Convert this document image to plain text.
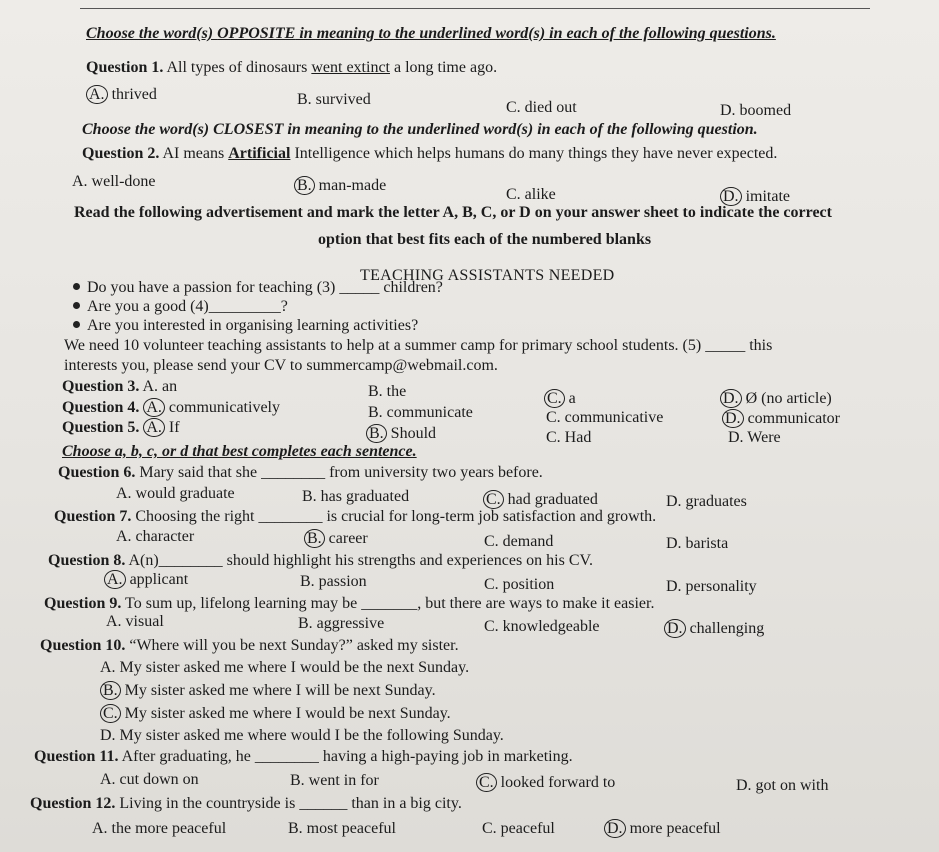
Choose the word(s) OPPOSITE in meaning to the underlined word(s) in each of the following questions.
Question 1. All types of dinosaurs went extinct a long time ago.
A. thrived	B. survived	C. died out	D. boomed
Choose the word(s) CLOSEST in meaning to the underlined word(s) in each of the following question.
Question 2. AI means Artificial Intelligence which helps humans do many things they have never expected.
A. well-done	B. man-made
C. alike	D. imitate
Read the following advertisement and mark the letter A, B, C, or D on your answer sheet to indicate the correct
option that best fits each of the numbered blanks
TEACHING ASSISTANTS NEEDED
Do you have a passion for teaching (3) _____ children?
Are you a good (4)_________?
Are you interested in organising learning activities?
We need 10 volunteer teaching assistants to help at a summer camp for primary school students. (5) _____ this
interests you, please send your CV to summercamp@webmail.com.
Question 3. A. an	B. the	C. a	D. Ø (no article)
Question 4. A. communicatively	B. communicate	C. communicative	D. communicator
Question 5. A. If	B. Should	C. Had	D. Were
Choose a, b, c, or d that best completes each sentence.
Question 6. Mary said that she ________ from university two years before.
A. would graduate	B. has graduated	C. had graduated	D. graduates
Question 7. Choosing the right ________ is crucial for long-term job satisfaction and growth.
A. character	B. career	C. demand	D. barista
Question 8. A(n)________ should highlight his strengths and experiences on his CV.
A. applicant	B. passion	C. position	D. personality
Question 9. To sum up, lifelong learning may be _______, but there are ways to make it easier.
A. visual	B. aggressive	C. knowledgeable	D. challenging
Question 10. “Where will you be next Sunday?” asked my sister.
A. My sister asked me where I would be the next Sunday.
B. My sister asked me where I will be next Sunday.
C. My sister asked me where I would be next Sunday.
D. My sister asked me where would I be the following Sunday.
Question 11. After graduating, he ________ having a high-paying job in marketing.
A. cut down on	B. went in for	C. looked forward to	D. got on with
Question 12. Living in the countryside is ______ than in a big city.
A. the more peaceful	B. most peaceful	C. peaceful	D. more peaceful
